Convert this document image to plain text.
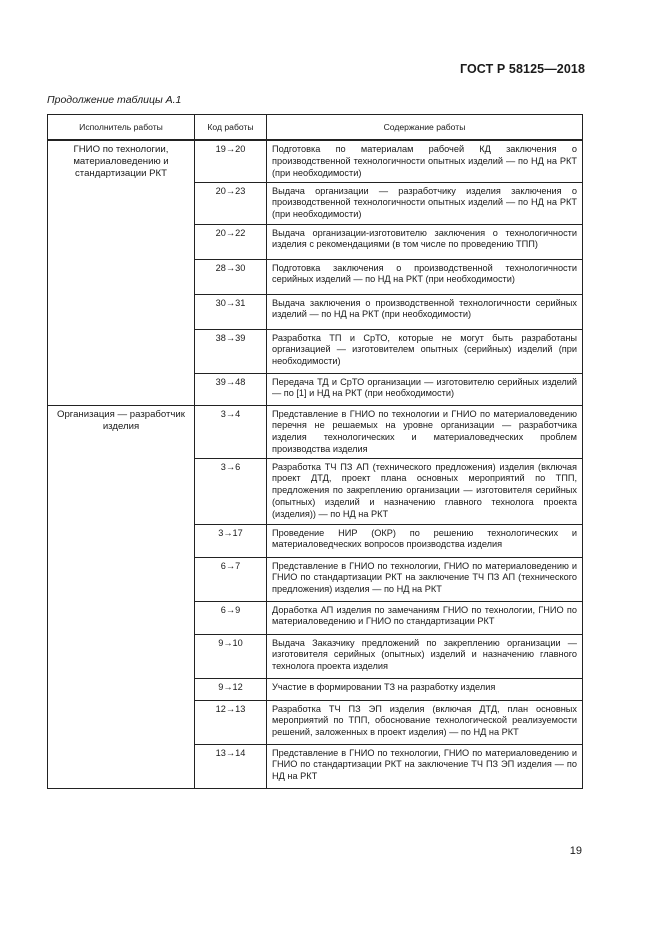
ГОСТ Р 58125—2018
Продолжение таблицы А.1
Исполнитель работы	Код работы	Содержание работы
ГНИО по технологии, материаловедению и стандартизации РКТ	19→20	Подготовка по материалам рабочей КД заключения о производственной технологичности опытных изделий — по НД на РКТ (при необходимости)
	20→23	Выдача организации — разработчику изделия заключения о производственной технологичности опытных изделий — по НД на РКТ (при необходимости)
	20→22	Выдача организации-изготовителю заключения о технологичности изделия с рекомендациями (в том числе по проведению ТПП)
	28→30	Подготовка заключения о производственной технологичности серийных изделий — по НД на РКТ (при необходимости)
	30→31	Выдача заключения о производственной технологичности серийных изделий — по НД на РКТ (при необходимости)
	38→39	Разработка ТП и СрТО, которые не могут быть разработаны организацией — изготовителем опытных (серийных) изделий (при необходимости)
	39→48	Передача ТД и СрТО организации — изготовителю серийных изделий — по [1] и НД на РКТ (при необходимости)
Организация — разработчик изделия	3→4	Представление в ГНИО по технологии и ГНИО по материаловедению перечня не решаемых на уровне организации — разработчика изделия технологических и материаловедческих проблем производства изделия
	3→6	Разработка ТЧ ПЗ АП (технического предложения) изделия (включая проект ДТД, проект плана основных мероприятий по ТПП, предложения по закреплению организации — изготовителя серийных (опытных) изделий и назначению главного технолога проекта (изделия)) — по НД на РКТ
	3→17	Проведение НИР (ОКР) по решению технологических и материаловедческих вопросов производства изделия
	6→7	Представление в ГНИО по технологии, ГНИО по материаловедению и ГНИО по стандартизации РКТ на заключение ТЧ ПЗ АП (технического предложения) изделия — по НД на РКТ
	6→9	Доработка АП изделия по замечаниям ГНИО по технологии, ГНИО по материаловедению и ГНИО по стандартизации РКТ
	9→10	Выдача Заказчику предложений по закреплению организации — изготовителя серийных (опытных) изделий и назначению главного технолога проекта изделия
	9→12	Участие в формировании ТЗ на разработку изделия
	12→13	Разработка ТЧ ПЗ ЭП изделия (включая ДТД, план основных мероприятий по ТПП, обоснование технологической реализуемости решений, заложенных в проект изделия) — по НД на РКТ
	13→14	Представление в ГНИО по технологии, ГНИО по материаловедению и ГНИО по стандартизации РКТ на заключение ТЧ ПЗ ЭП изделия — по НД на РКТ
19
